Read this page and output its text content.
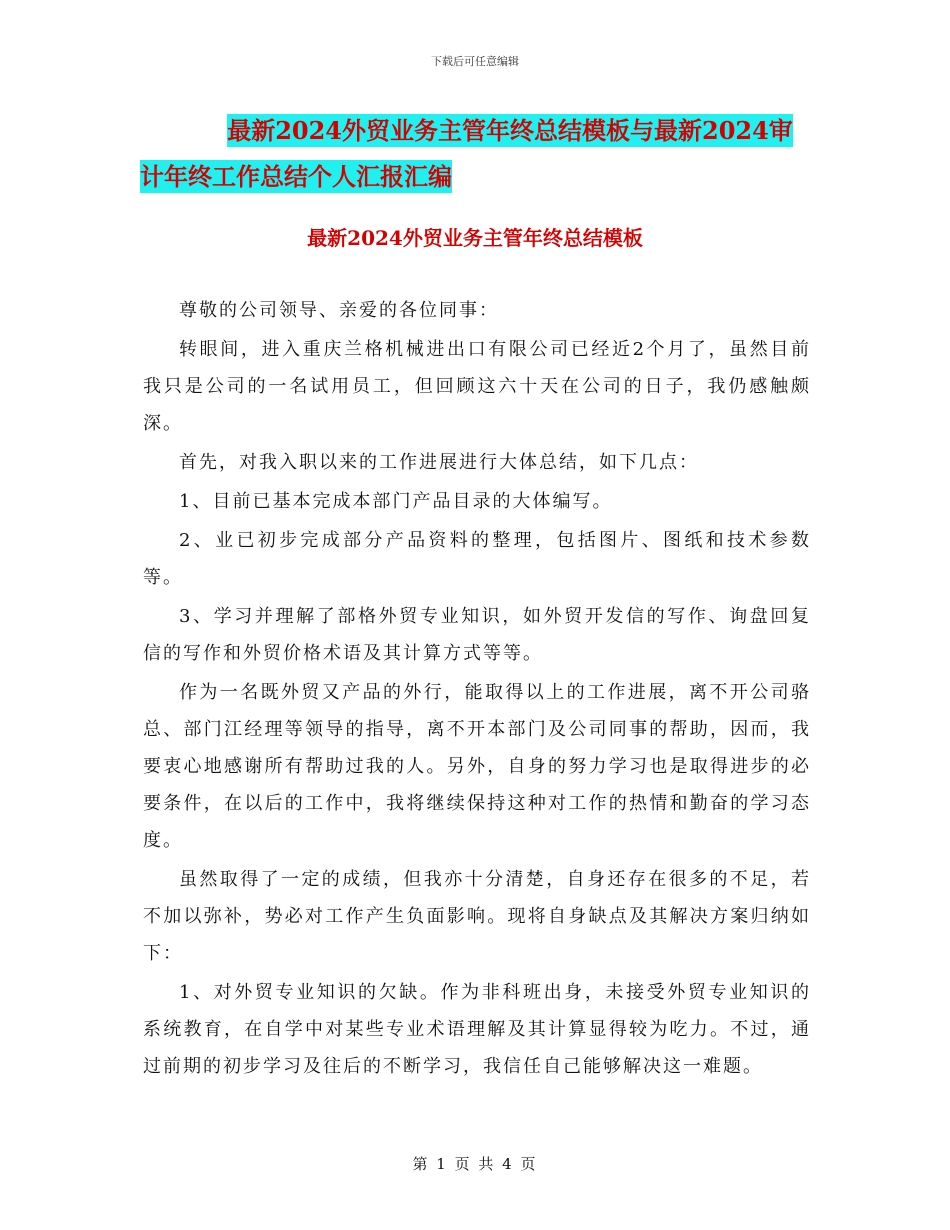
下载后可任意编辑
最新2024外贸业务主管年终总结模板与最新2024审
计年终工作总结个人汇报汇编
最新2024外贸业务主管年终总结模板

尊敬的公司领导、亲爱的各位同事：

转眼间，进入重庆兰格机械进出口有限公司已经近2个月了，虽然目前我只是公司的一名试用员工，但回顾这六十天在公司的日子，我仍感触颇深。

首先，对我入职以来的工作进展进行大体总结，如下几点：

1、目前已基本完成本部门产品目录的大体编写。

2、业已初步完成部分产品资料的整理，包括图片、图纸和技术参数等。

3、学习并理解了部格外贸专业知识，如外贸开发信的写作、询盘回复信的写作和外贸价格术语及其计算方式等等。

作为一名既外贸又产品的外行，能取得以上的工作进展，离不开公司骆总、部门江经理等领导的指导，离不开本部门及公司同事的帮助，因而，我要衷心地感谢所有帮助过我的人。另外，自身的努力学习也是取得进步的必要条件，在以后的工作中，我将继续保持这种对工作的热情和勤奋的学习态度。

虽然取得了一定的成绩，但我亦十分清楚，自身还存在很多的不足，若不加以弥补，势必对工作产生负面影响。现将自身缺点及其解决方案归纳如下：

1、对外贸专业知识的欠缺。作为非科班出身，未接受外贸专业知识的系统教育，在自学中对某些专业术语理解及其计算显得较为吃力。不过，通过前期的初步学习及往后的不断学习，我信任自己能够解决这一难题。

第 1 页 共 4 页
